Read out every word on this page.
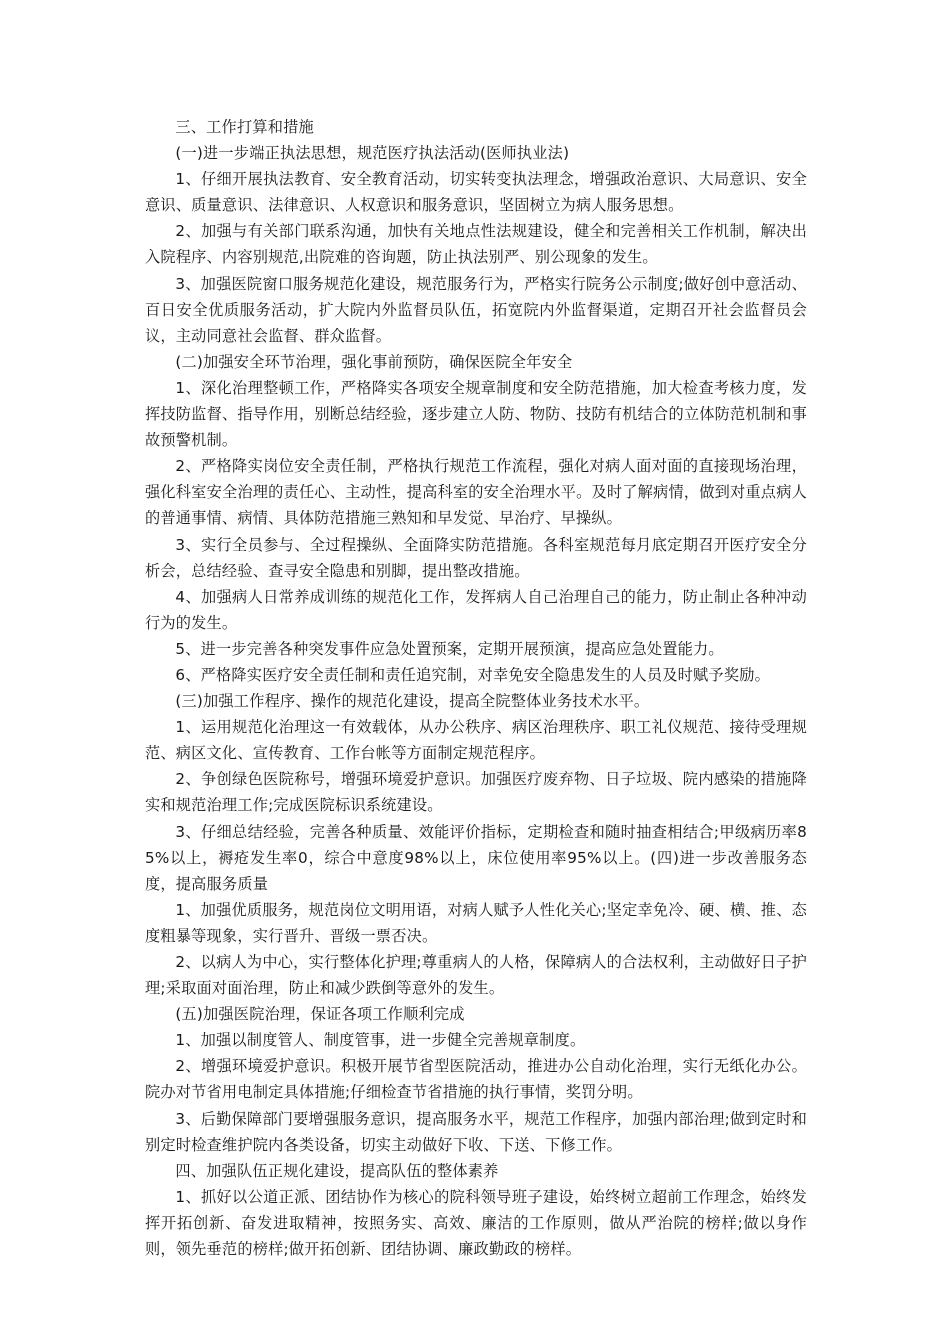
三、工作打算和措施

(一)进一步端正执法思想，规范医疗执法活动(医师执业法)

1、仔细开展执法教育、安全教育活动，切实转变执法理念，增强政治意识、大局意识、安全意识、质量意识、法律意识、人权意识和服务意识，坚固树立为病人服务思想。

2、加强与有关部门联系沟通，加快有关地点性法规建设，健全和完善相关工作机制，解决出入院程序、内容别规范,出院难的咨询题，防止执法别严、别公现象的发生。

3、加强医院窗口服务规范化建设，规范服务行为，严格实行院务公示制度;做好创中意活动、百日安全优质服务活动，扩大院内外监督员队伍，拓宽院内外监督渠道，定期召开社会监督员会议，主动同意社会监督、群众监督。

(二)加强安全环节治理，强化事前预防，确保医院全年安全

1、深化治理整顿工作，严格降实各项安全规章制度和安全防范措施，加大检查考核力度，发挥技防监督、指导作用，别断总结经验，逐步建立人防、物防、技防有机结合的立体防范机制和事故预警机制。

2、严格降实岗位安全责任制，严格执行规范工作流程，强化对病人面对面的直接现场治理，强化科室安全治理的责任心、主动性，提高科室的安全治理水平。及时了解病情，做到对重点病人的普通事情、病情、具体防范措施三熟知和早发觉、早治疗、早操纵。

3、实行全员参与、全过程操纵、全面降实防范措施。各科室规范每月底定期召开医疗安全分析会，总结经验、查寻安全隐患和别脚，提出整改措施。

4、加强病人日常养成训练的规范化工作，发挥病人自己治理自己的能力，防止制止各种冲动行为的发生。

5、进一步完善各种突发事件应急处置预案，定期开展预演，提高应急处置能力。

6、严格降实医疗安全责任制和责任追究制，对幸免安全隐患发生的人员及时赋予奖励。

(三)加强工作程序、操作的规范化建设，提高全院整体业务技术水平。

1、运用规范化治理这一有效载体，从办公秩序、病区治理秩序、职工礼仪规范、接待受理规范、病区文化、宣传教育、工作台帐等方面制定规范程序。

2、争创绿色医院称号，增强环境爱护意识。加强医疗废弃物、日子垃圾、院内感染的措施降实和规范治理工作;完成医院标识系统建设。

3、仔细总结经验，完善各种质量、效能评价指标，定期检查和随时抽查相结合;甲级病历率85%以上，褥疮发生率0，综合中意度98%以上，床位使用率95%以上。(四)进一步改善服务态度，提高服务质量

1、加强优质服务，规范岗位文明用语，对病人赋予人性化关心;坚定幸免冷、硬、横、推、态度粗暴等现象，实行晋升、晋级一票否决。

2、以病人为中心，实行整体化护理;尊重病人的人格，保障病人的合法权利，主动做好日子护理;采取面对面治理，防止和减少跌倒等意外的发生。

(五)加强医院治理，保证各项工作顺利完成

1、加强以制度管人、制度管事，进一步健全完善规章制度。

2、增强环境爱护意识。积极开展节省型医院活动，推进办公自动化治理，实行无纸化办公。院办对节省用电制定具体措施;仔细检查节省措施的执行事情，奖罚分明。

3、后勤保障部门要增强服务意识，提高服务水平，规范工作程序，加强内部治理;做到定时和别定时检查维护院内各类设备，切实主动做好下收、下送、下修工作。

四、加强队伍正规化建设，提高队伍的整体素养

1、抓好以公道正派、团结协作为核心的院科领导班子建设，始终树立超前工作理念，始终发挥开拓创新、奋发进取精神，按照务实、高效、廉洁的工作原则，做从严治院的榜样;做以身作则，领先垂范的榜样;做开拓创新、团结协调、廉政勤政的榜样。
